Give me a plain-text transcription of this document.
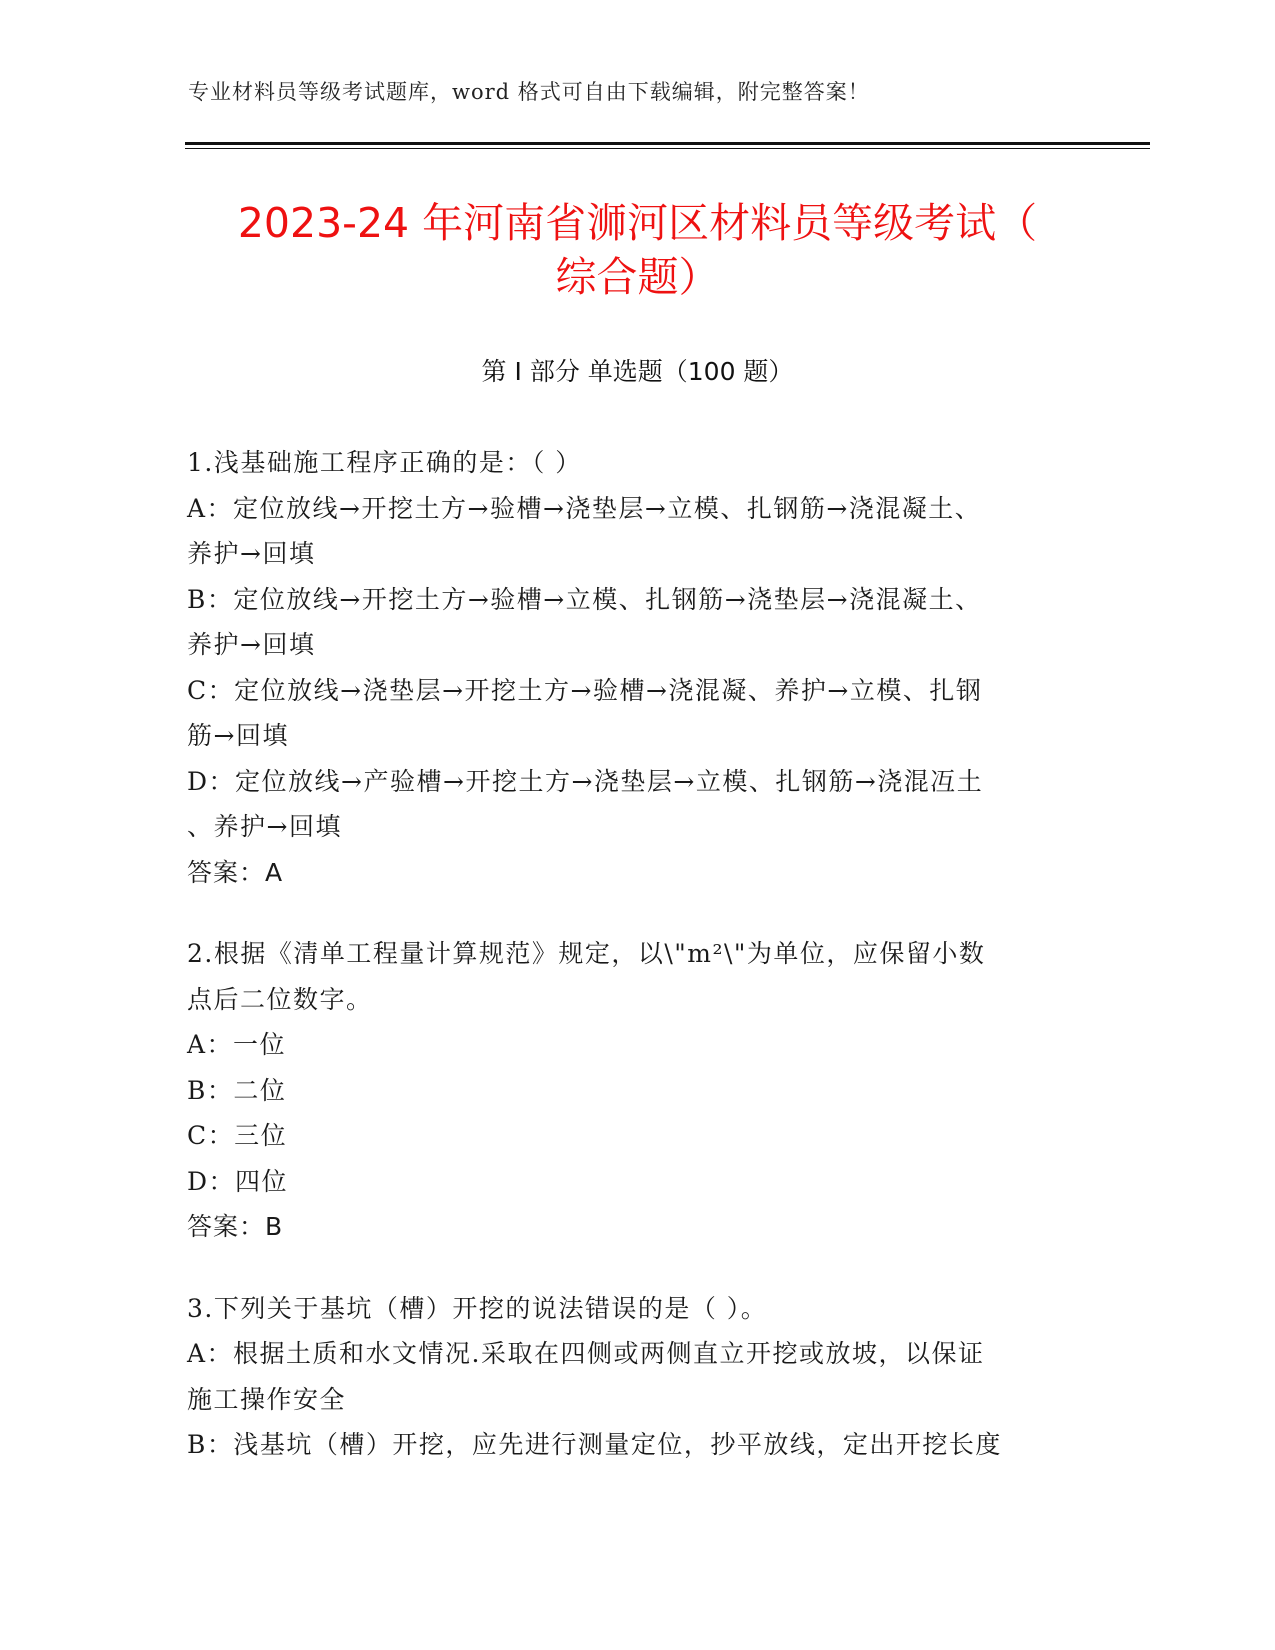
专业材料员等级考试题库，word 格式可自由下载编辑，附完整答案！
2023-24 年河南省浉河区材料员等级考试（
综合题）
第 I 部分 单选题（100 题）
1.浅基础施工程序正确的是：（ ）
A：定位放线→开挖土方→验槽→浇垫层→立模、扎钢筋→浇混凝土、
养护→回填
B：定位放线→开挖土方→验槽→立模、扎钢筋→浇垫层→浇混凝土、
养护→回填
C：定位放线→浇垫层→开挖土方→验槽→浇混凝、养护→立模、扎钢
筋→回填
D：定位放线→产验槽→开挖土方→浇垫层→立模、扎钢筋→浇混冱土
、养护→回填
答案：A
2.根据《清单工程量计算规范》规定，以\"m²\"为单位，应保留小数
点后二位数字。
A：一位
B：二位
C：三位
D：四位
答案：B
3.下列关于基坑（槽）开挖的说法错误的是（ ）。
A：根据土质和水文情况.采取在四侧或两侧直立开挖或放坡，以保证
施工操作安全
B：浅基坑（槽）开挖，应先进行测量定位，抄平放线，定出开挖长度
